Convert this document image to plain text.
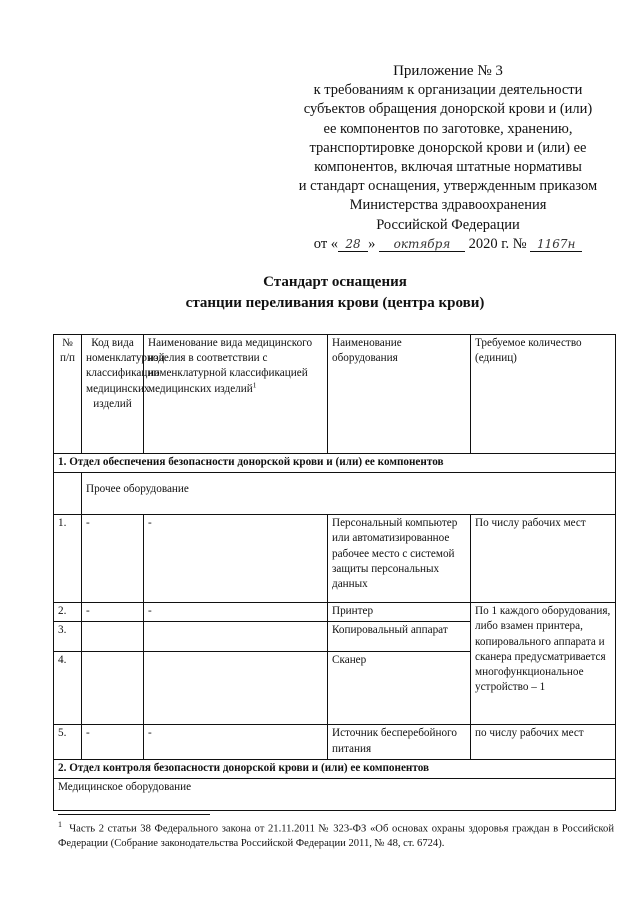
Приложение № 3
к требованиям к организации деятельности
субъектов обращения донорской крови и (или)
ее компонентов по заготовке, хранению,
транспортировке донорской крови и (или) ее
компонентов, включая штатные нормативы
и стандарт оснащения, утвержденным приказом
Министерства здравоохранения
Российской Федерации
от « 28 » октября 2020 г. № 1167н
Стандарт оснащения
станции переливания крови (центра крови)
№ п/п	Код вида номенклатурной классификации медицинских изделий	Наименование вида медицинского изделия в соответствии с номенклатурной классификацией медицинских изделий$^1$	Наименование оборудования	Требуемое количество (единиц)
1. Отдел обеспечения безопасности донорской крови и (или) ее компонентов				
	Прочее оборудование			
1.	-	-	Персональный компьютер или автоматизированное рабочее место с системой защиты персональных данных	По числу рабочих мест
2.	-	-	Принтер	По 1 каждого оборудования, либо взамен принтера, копировального аппарата и сканера предусматривается многофункциональное устройство – 1
3.			Копировальный аппарат	
4.			Сканер	
5.	-	-	Источник бесперебойного питания	по числу рабочих мест
2. Отдел контроля безопасности донорской крови и (или) ее компонентов				
Медицинское оборудование				
$^1$ Часть 2 статьи 38 Федерального закона от 21.11.2011 № 323-ФЗ «Об основах охраны здоровья граждан в Российской Федерации (Собрание законодательства Российской Федерации 2011, № 48, ст. 6724).
